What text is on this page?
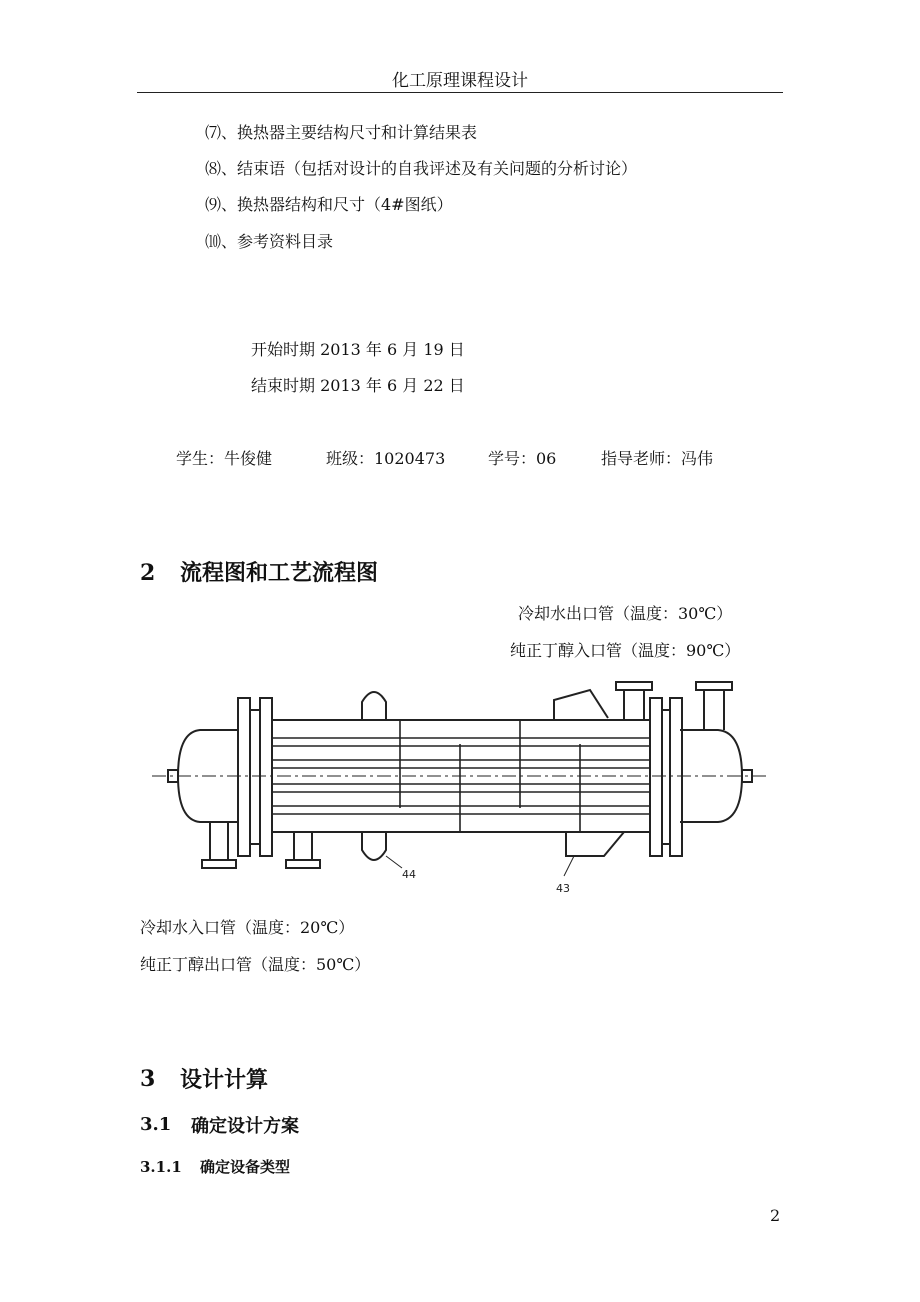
化工原理课程设计
⑺、换热器主要结构尺寸和计算结果表
⑻、结束语（包括对设计的自我评述及有关问题的分析讨论）
⑼、换热器结构和尺寸（4#图纸）
⑽、参考资料目录
开始时期 2013 年 6 月 19 日
结束时期 2013 年 6 月 22 日
学生：牛俊健	班级：1020473	学号：06	指导老师：冯伟
2 流程图和工艺流程图
冷却水出口管（温度：30℃）
纯正丁醇入口管（温度：90℃）
44
43
冷却水入口管（温度：20℃）
纯正丁醇出口管（温度：50℃）
3 设计计算
3.1 确定设计方案
3.1.1 确定设备类型
2
